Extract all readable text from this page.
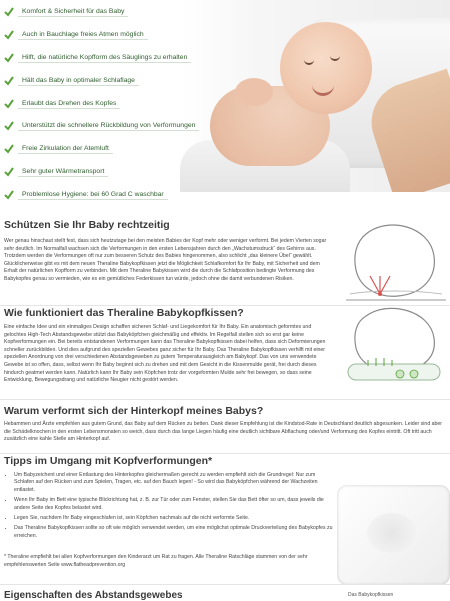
Komfort & Sicherheit für das Baby
Auch in Bauchlage freies Atmen möglich
Hilft, die natürliche Kopfform des Säuglings zu erhalten
Hält das Baby in optimaler Schlaflage
Erlaubt das Drehen des Kopfes
Unterstützt die schnellere Rückbildung von Verformungen
Freie Zirkulation der Atemluft
Sehr guter Wärmetransport
Problemlose Hygiene: bei 60 Grad C waschbar
Schützen Sie Ihr Baby rechtzeitig

Wer genau hinschaut stellt fest, dass sich heutzutage bei den meisten Babies der Kopf mehr oder weniger verformt. Bei jedem Vierten sogar sehr deutlich. Im Normalfall wachsen sich die Verformungen in den ersten Lebensjahren durch den „Wachstumsdruck“ des Gehirns aus. Trotzdem werden die Verformungen oft nur zum besseren Schutz des Babies hingenommen, also schlicht „das kleinere Übel“ gewählt. Glücklicherweise gibt es mit dem neuen Theraline Babykopfkissen jetzt die Möglichkeit Schlafkomfort für Ihr Baby, mit Sicherheit und dem Erhalt der natürlichen Kopfform zu verbinden. Mit dem Theraline Babykissen wird die durch die Schlafposition bedingte Verformung des Babykopfes genau so vermieden, wie es ein gemütliches Federkissen tun würde, jedoch ohne die damit verbundenen Risiken.

Wie funktioniert das Theraline Babykopfkissen?

Eine einfache Idee und ein einmaliges Design schaffen sicheren Schlaf- und Liegekomfort für Ihr Baby. Ein anatomisch geformtes und gelochtes High-Tech Abstandsgewebe stützt das Babyköpfchen gleichmäßig und effektiv. Im Regelfall stellen sich so erst gar keine Kopfverformungen ein. Bei bereits entstandenen Verformungen kann das Theraline Babykopfkissen dabei helfen, dass sich Deformierungen schneller zurückbilden. Und dies aufgrund des speziellen Gewebes ganz sicher für Ihr Baby. Das Theraline Babykopfkissen verhilft mit einer speziellen Anordnung von drei verschiedenen Abstandsgeweben zu gutem Temperaturausgleich am Babykopf. Das von uns verwendete Gewebe ist so offen, dass, selbst wenn Ihr Baby beginnt sich zu drehen und mit dem Gesicht in die Kissenmulde gerät, frei durch dieses hindurch geatmet werden kann. Natürlich kann Ihr Baby sein Köpfchen trotz der vorgeformten Mulde sehr frei bewegen, so dass seine Entwicklung, Bewegungsdrang und natürliche Neugier nicht gestört werden.

Warum verformt sich der Hinterkopf meines Babys?

Hebammen und Ärzte empfehlen aus gutem Grund, das Baby auf dem Rücken zu betten. Dank dieser Empfehlung ist die Kindstod-Rate in Deutschland deutlich abgesunken. Leider sind aber die Schädelknochen in den ersten Lebensmonaten so weich, dass durch das lange Liegen häufig eine deutlich sichtbare Abflachung oder/und Verformung des Kopfes eintritt. Oft tritt auch zusätzlich eine kahle Stelle am Hinterkopf auf.

Tipps im Umgang mit Kopfverformungen*
• Um Babyzeichent und einer Entlastung des Hinterkopfes gleichermaßen gerecht zu werden empfiehlt sich die Grundregel: Nur zum Schlafen auf den Rücken und zum Spielen, Tragen, etc. auf den Bauch legen! - So wird das Babyköpfchen während der Wachzeiten entlastet.
• Wenn Ihr Baby im Bett eine typische Blickrichtung hat, z. B. zur Tür oder zum Fenster, stellen Sie das Bett öfter so um, dass jeweils die andere Seite des Kopfes belastet wird.
• Legen Sie, nachdem Ihr Baby eingeschlafen ist, sein Köpfchen nachmals auf die nicht verformte Seite.
• Das Theraline Babykopfkissen sollte so oft wie möglich verwendet werden, um eine möglichst optimale Druckverteilung des Babykopfes zu erreichen.

* Theraline empfiehlt bei allen Kopfverformungen den Kinderarzt um Rat zu fragen. Alle Theraline Ratschläge stammen von der sehr empfehlenswerten Seite www.flatheadprevention.org

Eigenschaften des Abstandsgewebes	Das Babykopfkissen
